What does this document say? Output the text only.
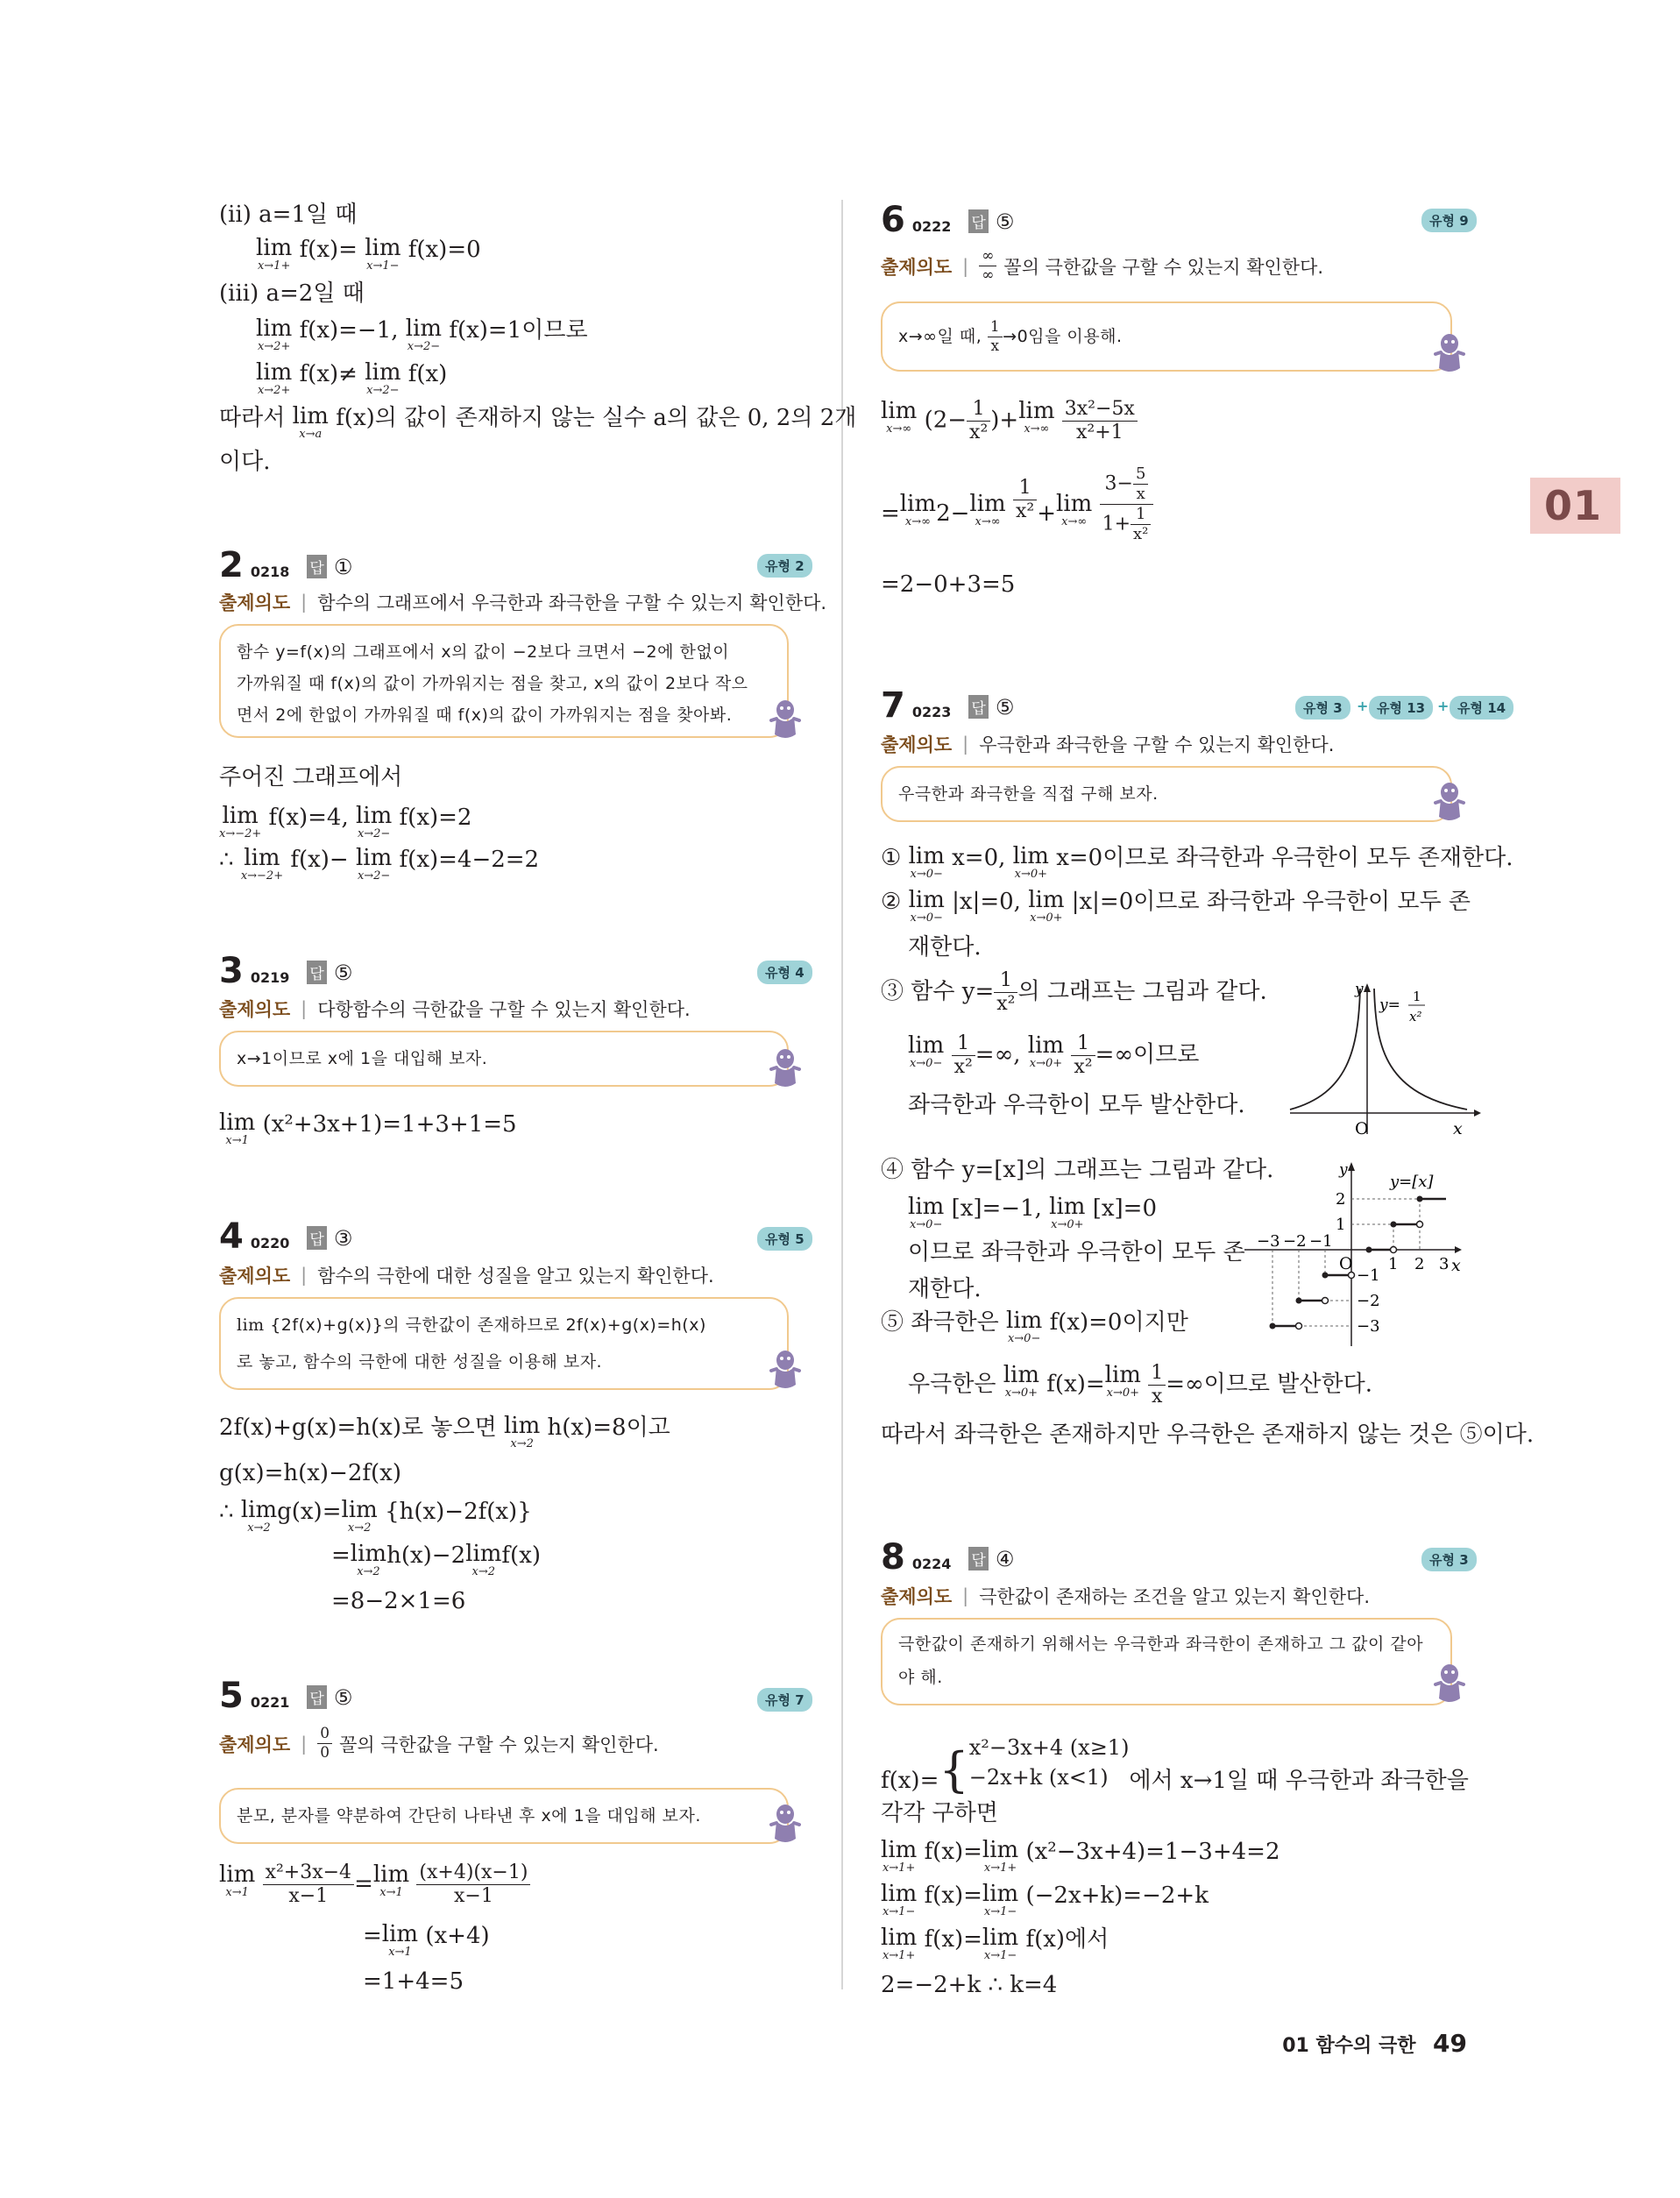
01
(ii) a=1일 때
lim
x→1+
f(x)= lim
x→1−
f(x)=0
(iii) a=2일 때
lim
x→2+
f(x)=−1, lim
x→2−
f(x)=1이므로
lim
x→2+
f(x)≠ lim
x→2−
f(x)
따라서 lim
x→a
f(x)의 값이 존재하지 않는 실수 a의 값은 0, 2의 2개
이다.
2 0218 답 ①	유형 2
출제의도 | 함수의 그래프에서 우극한과 좌극한을 구할 수 있는지 확인한다.
함수 y=f(x)의 그래프에서 x의 값이 −2보다 크면서 −2에 한없이
가까워질 때 f(x)의 값이 가까워지는 점을 찾고, x의 값이 2보다 작으
면서 2에 한없이 가까워질 때 f(x)의 값이 가까워지는 점을 찾아봐.
주어진 그래프에서
lim
x→−2+
f(x)=4, lim
x→2−
f(x)=2
∴ lim
x→−2+
f(x)− lim
x→2−
f(x)=4−2=2
3 0219 답 ⑤	유형 4
출제의도 | 다항함수의 극한값을 구할 수 있는지 확인한다.
x→1이므로 x에 1을 대입해 보자.
lim
x→1
(x²+3x+1)=1+3+1=5
4 0220 답 ③	유형 5
출제의도 | 함수의 극한에 대한 성질을 알고 있는지 확인한다.
lim {2f(x)+g(x)}의 극한값이 존재하므로 2f(x)+g(x)=h(x)
로 놓고, 함수의 극한에 대한 성질을 이용해 보자.
2f(x)+g(x)=h(x)로 놓으면 lim
x→2
h(x)=8이고
g(x)=h(x)−2f(x)
∴ lim
x→2
g(x)= lim
x→2
{h(x)−2f(x)}
= lim
x→2
h(x)−2 lim
x→2
f(x)
=8−2×1=6
5 0221 답 ⑤	유형 7
출제의도 | $\frac{0}{0}$ 꼴의 극한값을 구할 수 있는지 확인한다.
분모, 분자를 약분하여 간단히 나타낸 후 x에 1을 대입해 보자.
lim
x→1
$\frac{\text{x²+3x−4}}{x-1} = \lim$
x→1
$\frac{(x+4)(x-1)}{x-1}$
= lim
x→1
(x+4)
=1+4=5
6 0222 답 ⑤	유형 9
출제의도 | $\frac{\infty}{\infty}$ 꼴의 극한값을 구할 수 있는지 확인한다.
x→∞일 때, $\frac{1}{x} \to 0$임을 이용해.
lim
x→∞ ($2- \frac{1}{\text{x²}}$ )+ lim
x→∞
$\frac{\text{3x²−5x}}{\text{x²+1}}$
= lim
x→∞ 2− lim
x→∞

$\frac{1}{\text{x²}} + \lim$
x→∞
$\frac{3- \frac{5}{x}}{1+ \frac{1}{\text{x²}}}$
=2−0+3=5
7 0223 답 ⑤	유형 3	+ 유형 13 + 유형 14
출제의도 | 우극한과 좌극한을 구할 수 있는지 확인한다.
우극한과 좌극한을 직접 구해 보자.
① lim
x→0−
x=0, lim
x→0+
x=0이므로 좌극한과 우극한이 모두 존재한다.
② lim
x→0−
|x|=0, lim
x→0+
|x|=0이므로 좌극한과 우극한이 모두 존
재한다.
③ 함수 $y= \frac{1}{\text{x²}}$ 의 그래프는 그림과 같다.
lim
x→0−
$\frac{1}{\text{x²}}$ =∞, lim
x→0+
$\frac{1}{\text{x²}}$ =∞이므로
좌극한과 우극한이 모두 발산한다.
y
x
O
y= 1
x²
④ 함수 y=[x]의 그래프는 그림과 같다.
lim
x→0−
[x]=−1, lim
x→0+
[x]=0
이므로 좌극한과 우극한이 모두 존
재한다.
y
x
O
y=[x]
−3 −2 −1
1 2 3
2
1
−1
−2
−3
⑤ 좌극한은 lim
x→0−
f(x)=0이지만
우극한은 lim
x→0+ f(x)= lim
x→0+
$\frac{1}{x}$ =∞이므로 발산한다.
따라서 좌극한은 존재하지만 우극한은 존재하지 않는 것은 ⑤이다.
8 0224 답 ④	유형 3
출제의도 | 극한값이 존재하는 조건을 알고 있는지 확인한다.
극한값이 존재하기 위해서는 우극한과 좌극한이 존재하고 그 값이 같아
야 해.
f(x)={ x²−3x+4 (x≥1)
−2x+k (x<1) 에서 x→1일 때 우극한과 좌극한을
각각 구하면
lim
x→1+
f(x)= lim
x→1+
(x²−3x+4)=1−3+4=2
lim
x→1−
f(x)= lim
x→1−
(−2x+k)=−2+k
lim
x→1+
f(x)= lim
x→1−
f(x)에서
2=−2+k ∴ k=4
01 함수의 극한 49
